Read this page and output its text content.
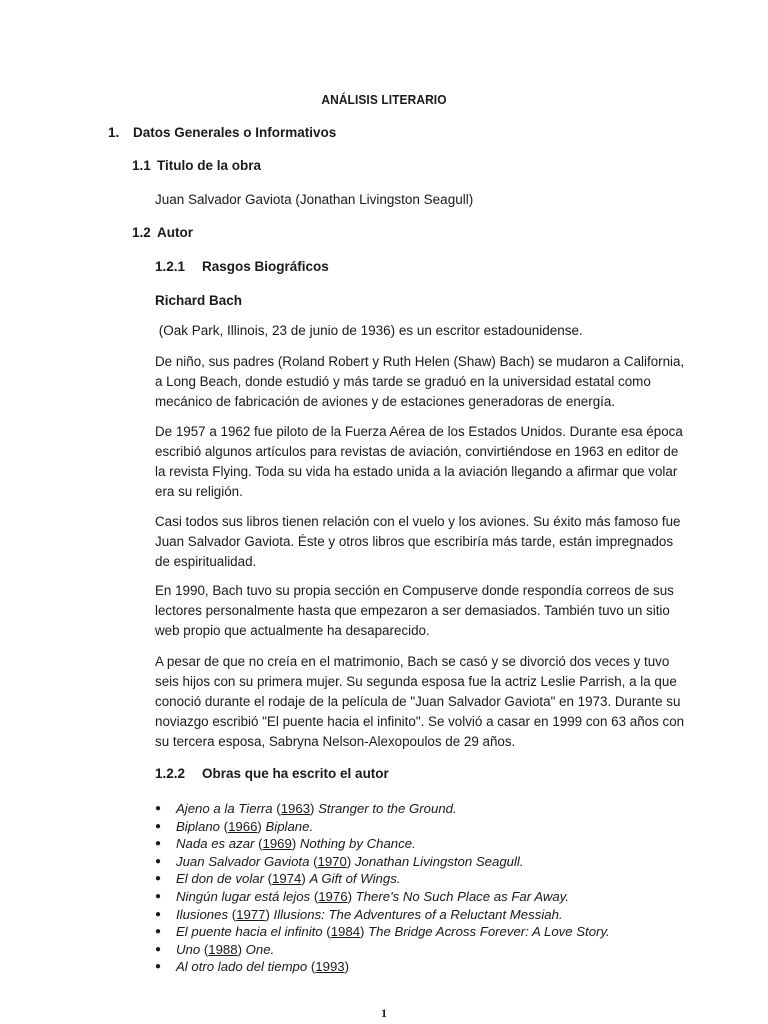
ANÁLISIS LITERARIO
1. Datos Generales o Informativos
1.1 Titulo de la obra
Juan Salvador Gaviota (Jonathan Livingston Seagull)
1.2 Autor
1.2.1 Rasgos Biográficos
Richard Bach
(Oak Park, Illinois, 23 de junio de 1936) es un escritor estadounidense.
De niño, sus padres (Roland Robert y Ruth Helen (Shaw) Bach) se mudaron a California,
a Long Beach, donde estudió y más tarde se graduó en la universidad estatal como
mecánico de fabricación de aviones y de estaciones generadoras de energía.
De 1957 a 1962 fue piloto de la Fuerza Aérea de los Estados Unidos. Durante esa época
escribió algunos artículos para revistas de aviación, convirtiéndose en 1963 en editor de
la revista Flying. Toda su vida ha estado unida a la aviación llegando a afirmar que volar
era su religión.
Casi todos sus libros tienen relación con el vuelo y los aviones. Su éxito más famoso fue
Juan Salvador Gaviota. Éste y otros libros que escribiría más tarde, están impregnados
de espiritualidad.
En 1990, Bach tuvo su propia sección en Compuserve donde respondía correos de sus
lectores personalmente hasta que empezaron a ser demasiados. También tuvo un sitio
web propio que actualmente ha desaparecido.
A pesar de que no creía en el matrimonio, Bach se casó y se divorció dos veces y tuvo
seis hijos con su primera mujer. Su segunda esposa fue la actriz Leslie Parrish, a la que
conoció durante el rodaje de la película de "Juan Salvador Gaviota" en 1973. Durante su
noviazgo escribió "El puente hacia el infinito". Se volvió a casar en 1999 con 63 años con
su tercera esposa, Sabryna Nelson-Alexopoulos de 29 años.
1.2.2 Obras que ha escrito el autor
● Ajeno a la Tierra (1963) Stranger to the Ground.
● Biplano (1966) Biplane.
● Nada es azar (1969) Nothing by Chance.
● Juan Salvador Gaviota (1970) Jonathan Livingston Seagull.
● El don de volar (1974) A Gift of Wings.
● Ningún lugar está lejos (1976) There's No Such Place as Far Away.
● Ilusiones (1977) Illusions: The Adventures of a Reluctant Messiah.
● El puente hacia el infinito (1984) The Bridge Across Forever: A Love Story.
● Uno (1988) One.
● Al otro lado del tiempo (1993)
1
